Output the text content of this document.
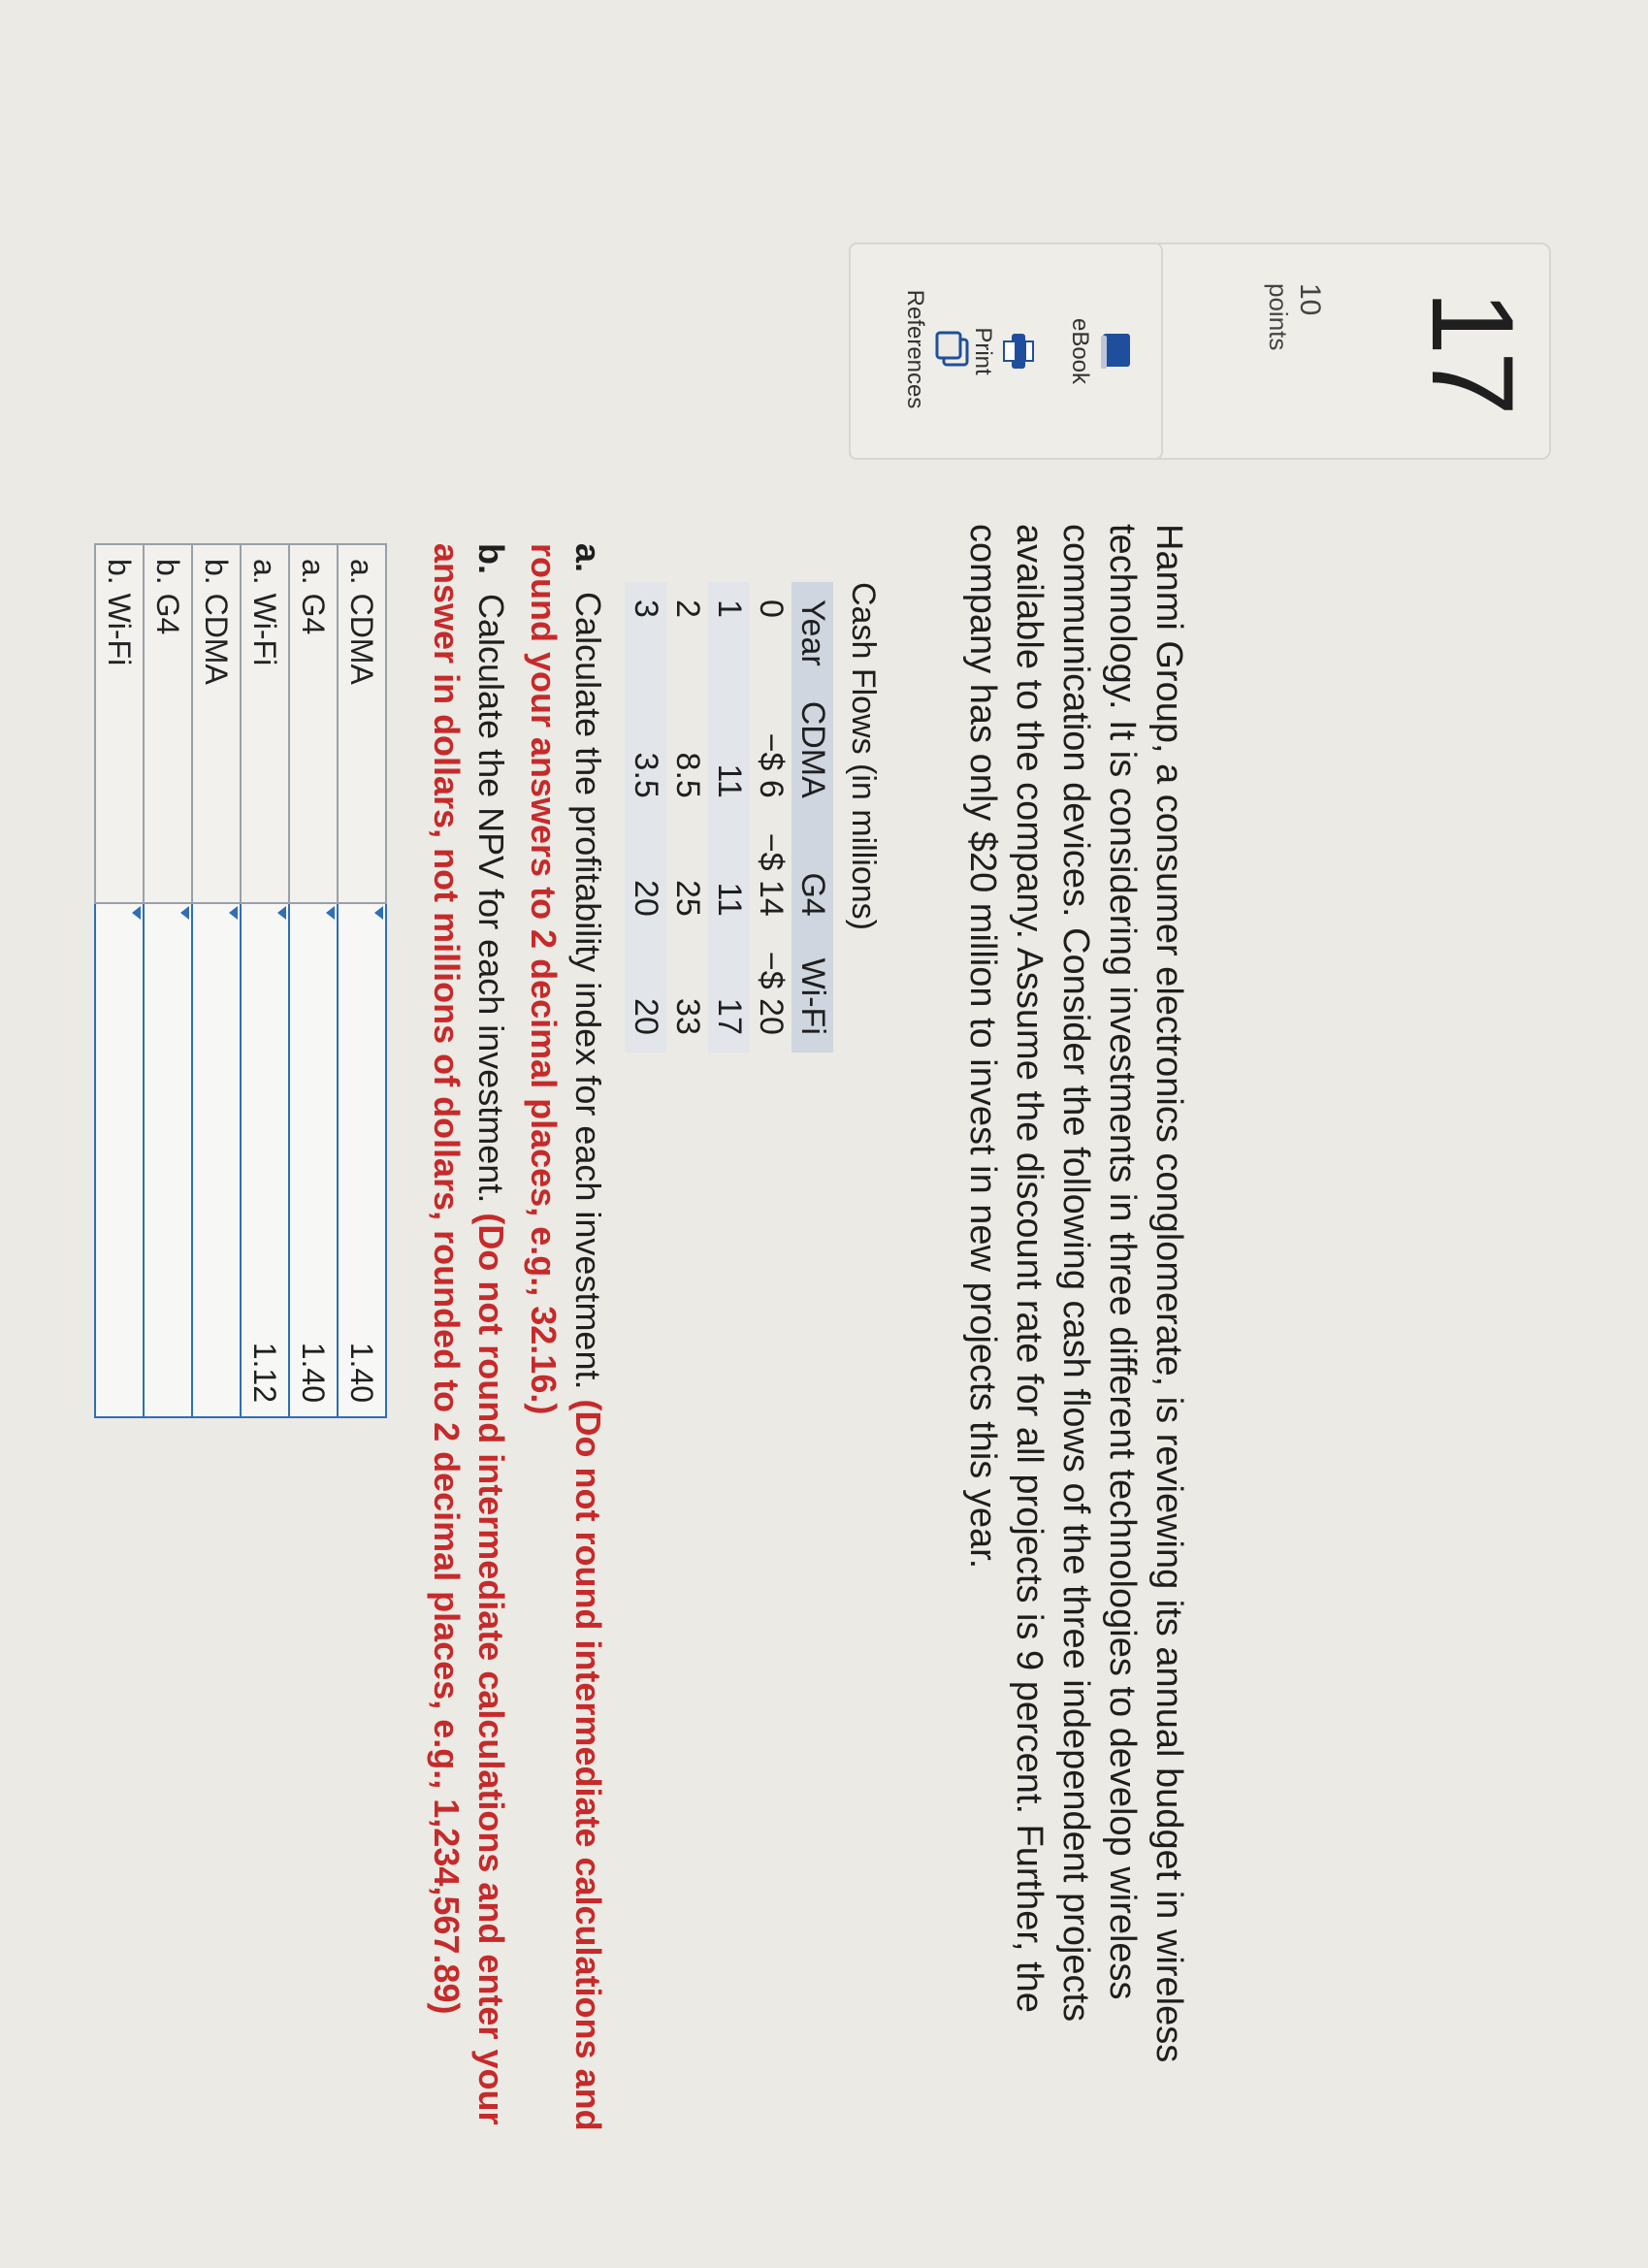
17
10
points
eBook
Print
References
Hanmi Group, a consumer electronics conglomerate, is reviewing its annual budget in wireless technology. It is considering investments in three different technologies to develop wireless communication devices. Consider the following cash flows of the three independent projects available to the company. Assume the discount rate for all projects is 9 percent. Further, the company has only $20 million to invest in new projects this year.
Cash Flows (in millions)
Year	CDMA	G4	Wi-Fi
0	−$ 6	−$ 14	−$ 20
1	11	11	17
2	8.5	25	33
3	3.5	20	20
a. Calculate the profitability index for each investment. (Do not round intermediate calculations and round your answers to 2 decimal places, e.g., 32.16.)
b. Calculate the NPV for each investment. (Do not round intermediate calculations and enter your answer in dollars, not millions of dollars, rounded to 2 decimal places, e.g., 1,234,567.89)
a. CDMA	1.40
a. G4	1.40
a. Wi-Fi	1.12
b. CDMA	

b. G4	

b. Wi-Fi	
